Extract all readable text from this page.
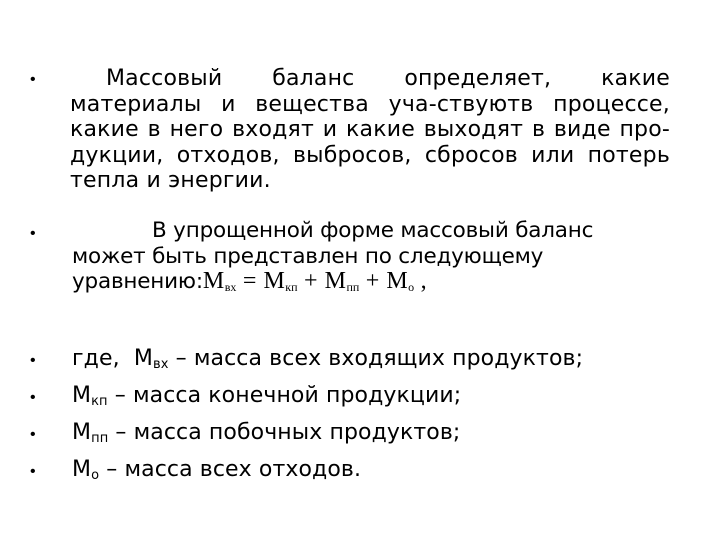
•	Массовый баланс определяет, какие материалы и вещества уча-ствуютв процессе, какие в него входят и какие выходят в виде про-дукции, отходов, выбросов, сбросов или потерь тепла и энергии.
•	В упрощенной форме массовый баланс может быть представлен по следующему $уравнению:M_{вх} = M_{кп} + M_{пп} + M_о$ ,
• где,  $M_{вх}$ – масса всех входящих продуктов;
• $M_{кп}$ – масса конечной продукции;
• $M_{пп}$ – масса побочных продуктов;
• $M_о$ – масса всех отходов.
